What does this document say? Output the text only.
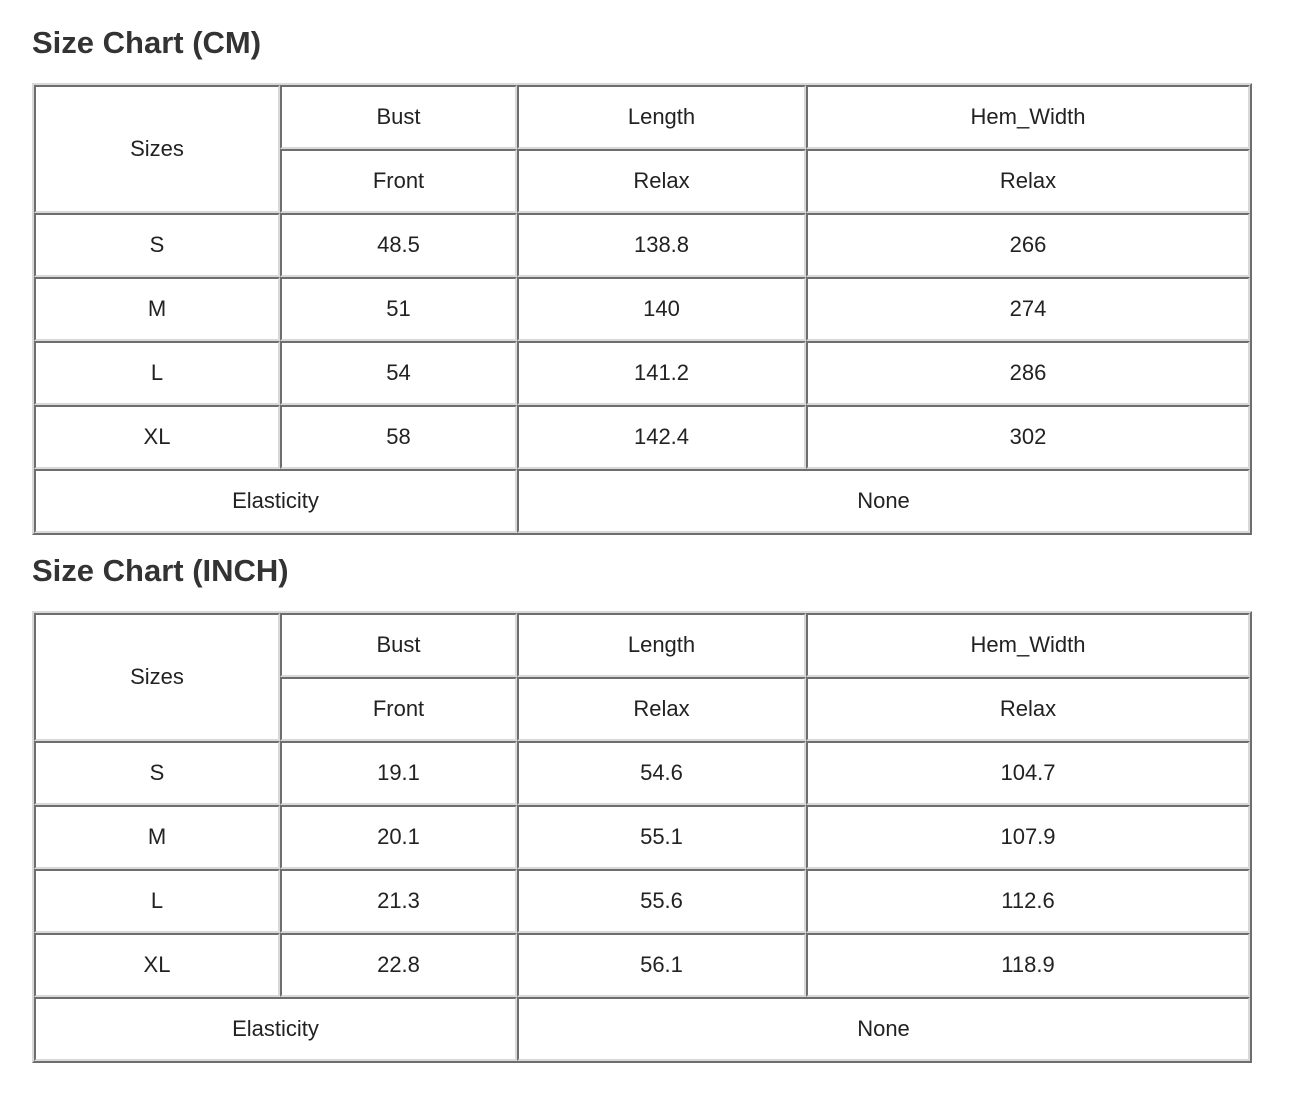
Size Chart (CM)
Sizes	Bust	Length	Hem_Width
	Front	Relax	Relax
S	48.5	138.8	266
M	51	140	274
L	54	141.2	286
XL	58	142.4	302
Elasticity		None	
Size Chart (INCH)
Sizes	Bust	Length	Hem_Width
	Front	Relax	Relax
S	19.1	54.6	104.7
M	20.1	55.1	107.9
L	21.3	55.6	112.6
XL	22.8	56.1	118.9
Elasticity		None	
